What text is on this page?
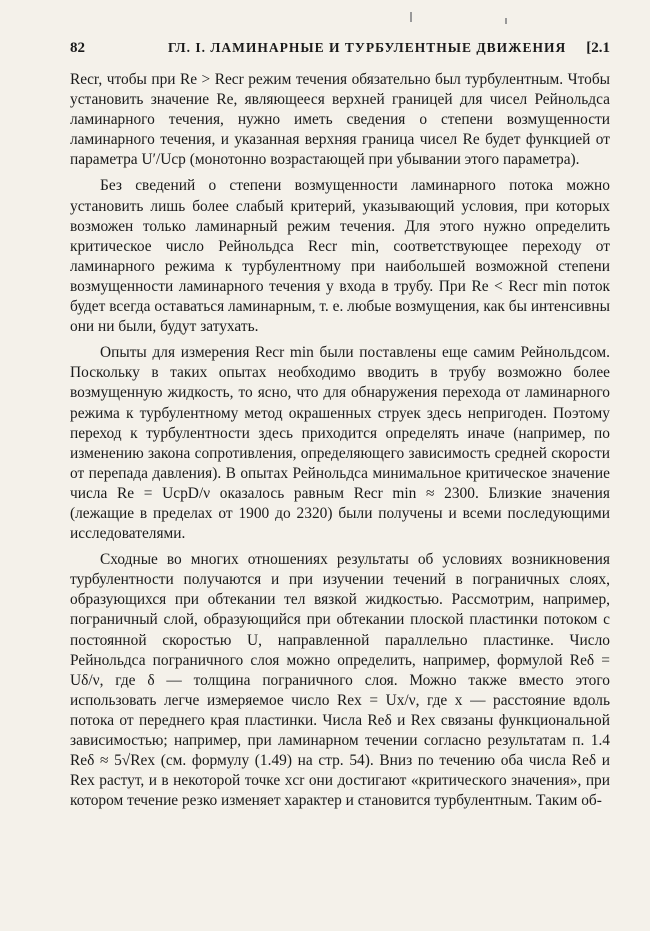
82	ГЛ. I. ЛАМИНАРНЫЕ И ТУРБУЛЕНТНЫЕ ДВИЖЕНИЯ [2.1

Recr, чтобы при Re > Recr режим течения обязательно был турбулентным. Чтобы установить значение Re, являющееся верхней границей для чисел Рейнольдса ламинарного течения, нужно иметь сведения о степени возмущенности ламинарного течения, и указанная верхняя граница чисел Re будет функцией от параметра U′/Ucp (монотонно возрастающей при убывании этого параметра).

Без сведений о степени возмущенности ламинарного потока можно установить лишь более слабый критерий, указывающий условия, при которых возможен только ламинарный режим течения. Для этого нужно определить критическое число Рейнольдса Recr min, соответствующее переходу от ламинарного режима к турбулентному при наибольшей возможной степени возмущенности ламинарного течения у входа в трубу. При Re < Recr min поток будет всегда оставаться ламинарным, т. е. любые возмущения, как бы интенсивны они ни были, будут затухать.

Опыты для измерения Recr min были поставлены еще самим Рейнольдсом. Поскольку в таких опытах необходимо вводить в трубу возможно более возмущенную жидкость, то ясно, что для обнаружения перехода от ламинарного режима к турбулентному метод окрашенных струек здесь непригоден. Поэтому переход к турбулентности здесь приходится определять иначе (например, по изменению закона сопротивления, определяющего зависимость средней скорости от перепада давления). В опытах Рейнольдса минимальное критическое значение числа Re = UcpD/ν оказалось равным Recr min ≈ 2300. Близкие значения (лежащие в пределах от 1900 до 2320) были получены и всеми последующими исследователями.

Сходные во многих отношениях результаты об условиях возникновения турбулентности получаются и при изучении течений в пограничных слоях, образующихся при обтекании тел вязкой жидкостью. Рассмотрим, например, пограничный слой, образующийся при обтекании плоской пластинки потоком с постоянной скоростью U, направленной параллельно пластинке. Число Рейнольдса пограничного слоя можно определить, например, формулой Reδ = Uδ/ν, где δ — толщина пограничного слоя. Можно также вместо этого использовать легче измеряемое число Rex = Ux/ν, где x — расстояние вдоль потока от переднего края пластинки. Числа Reδ и Rex связаны функциональной зависимостью; например, при ламинарном течении согласно результатам п. 1.4 Reδ ≈ 5√Rex (см. формулу (1.49) на стр. 54). Вниз по течению оба числа Reδ и Rex растут, и в некоторой точке xcr они достигают «критического значения», при котором течение резко изменяет характер и становится турбулентным. Таким об-
